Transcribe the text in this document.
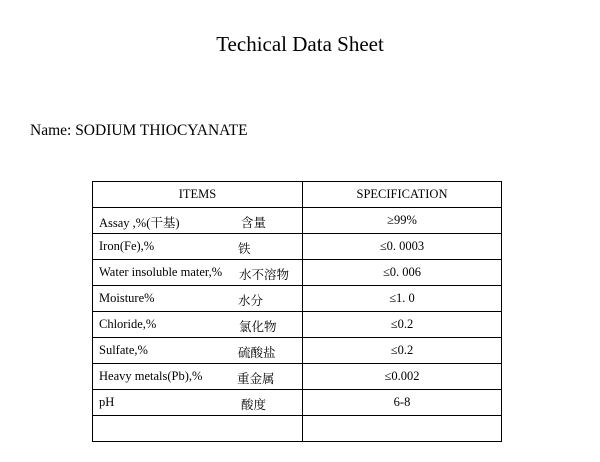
Techical Data Sheet
Name: SODIUM THIOCYANATE
ITEMS	SPECIFICATION

Assay ,%(干基) 含量	≥99%

Iron(Fe),% 铁	≤0. 0003

Water insoluble mater,% 水不溶物	≤0. 006

Moisture% 水分	≤1. 0

Chloride,% 氯化物	≤0.2

Sulfate,% 硫酸盐	≤0.2

Heavy metals(Pb),% 重金属	≤0.002

pH 酸度	6-8
